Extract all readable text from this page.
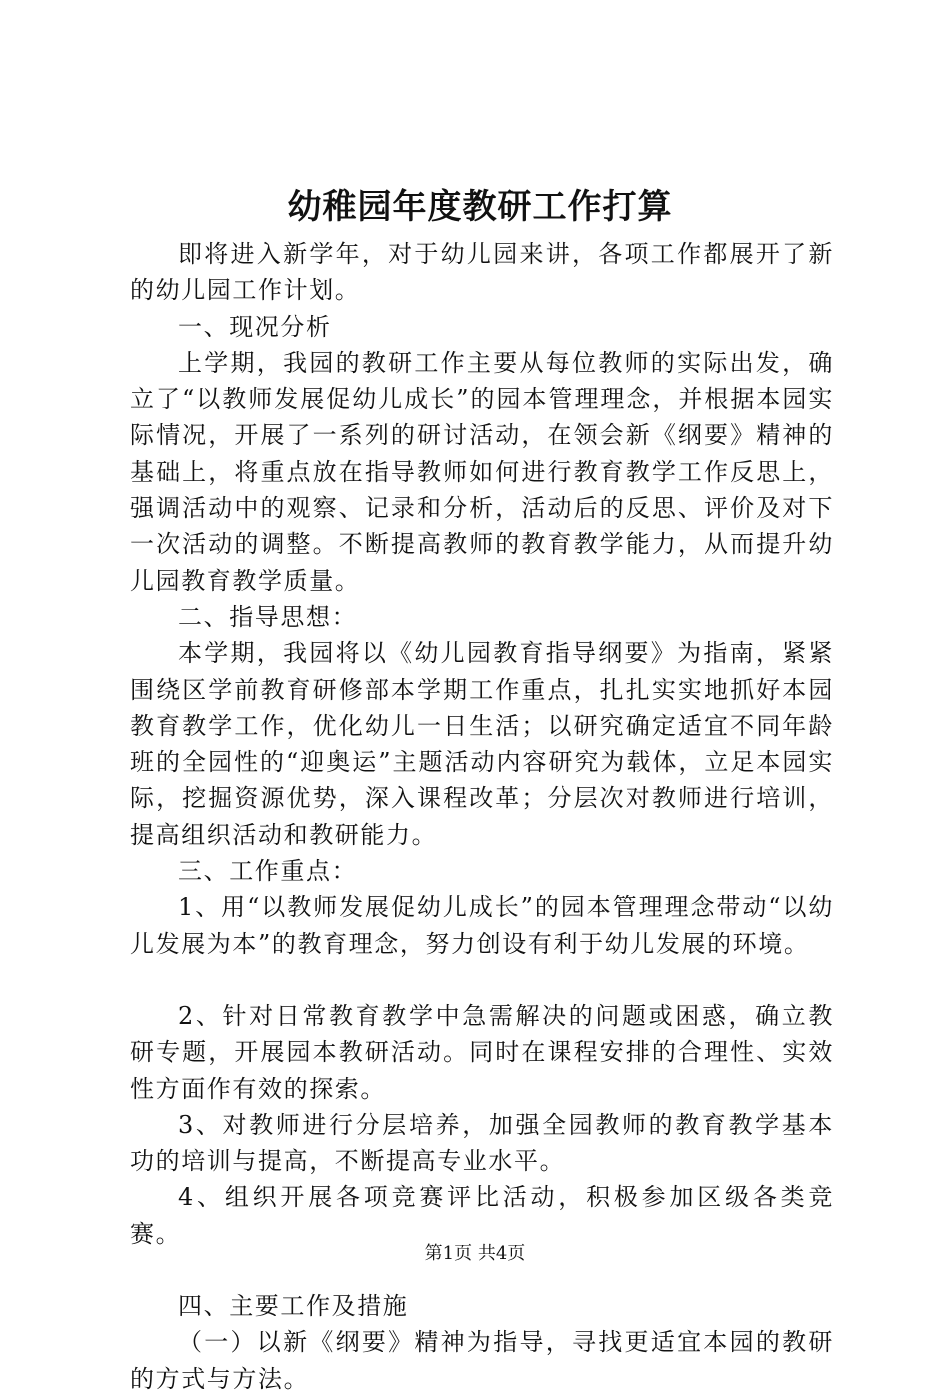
幼稚园年度教研工作打算

即将进入新学年，对于幼儿园来讲，各项工作都展开了新的幼儿园工作计划。

一、现况分析

上学期，我园的教研工作主要从每位教师的实际出发，确立了“以教师发展促幼儿成长”的园本管理理念，并根据本园实际情况，开展了一系列的研讨活动，在领会新《纲要》精神的基础上，将重点放在指导教师如何进行教育教学工作反思上，强调活动中的观察、记录和分析，活动后的反思、评价及对下一次活动的调整。不断提高教师的教育教学能力，从而提升幼儿园教育教学质量。

二、指导思想：

本学期，我园将以《幼儿园教育指导纲要》为指南，紧紧围绕区学前教育研修部本学期工作重点，扎扎实实地抓好本园教育教学工作，优化幼儿一日生活；以研究确定适宜不同年龄班的全园性的“迎奥运”主题活动内容研究为载体，立足本园实际，挖掘资源优势，深入课程改革；分层次对教师进行培训，提高组织活动和教研能力。

三、工作重点：

1、用“以教师发展促幼儿成长”的园本管理理念带动“以幼儿发展为本”的教育理念，努力创设有利于幼儿发展的环境。

2、针对日常教育教学中急需解决的问题或困惑，确立教研专题，开展园本教研活动。同时在课程安排的合理性、实效性方面作有效的探索。

3、对教师进行分层培养，加强全园教师的教育教学基本功的培训与提高，不断提高专业水平。

4、组织开展各项竞赛评比活动，积极参加区级各类竞赛。

四、主要工作及措施

（一）以新《纲要》精神为指导，寻找更适宜本园的教研的方式与方法。

第1页 共4页
